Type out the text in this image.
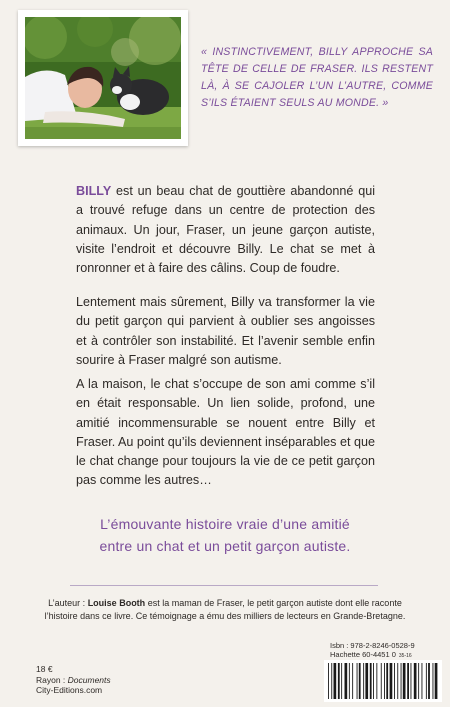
« INSTINCTIVEMENT, BILLY APPROCHE SA TÊTE DE CELLE DE FRASER. ILS RESTENT LÀ, À SE CAJOLER L’UN L’AUTRE, COMME S’ILS ÉTAIENT SEULS AU MONDE. »

BILLY est un beau chat de gouttière abandonné qui a trouvé refuge dans un centre de protection des animaux. Un jour, Fraser, un jeune garçon autiste, visite l’endroit et découvre Billy. Le chat se met à ronronner et à faire des câlins. Coup de foudre.

Lentement mais sûrement, Billy va transformer la vie du petit garçon qui parvient à oublier ses angoisses et à contrôler son instabilité. Et l’avenir semble enfin sourire à Fraser malgré son autisme.

A la maison, le chat s’occupe de son ami comme s’il en était responsable. Un lien solide, profond, une amitié incommensurable se nouent entre Billy et Fraser. Au point qu’ils deviennent inséparables et que le chat change pour toujours la vie de ce petit garçon pas comme les autres…

L’émouvante histoire vraie d’une amitié
entre un chat et un petit garçon autiste.
L’auteur : Louise Booth est la maman de Fraser, le petit garçon autiste dont elle raconte l’histoire dans ce livre. Ce témoignage a ému des milliers de lecteurs en Grande-Bretagne.
Isbn : 978-2-8246-0528-9
Hachette 60-4451 0 35-16
18 €
Rayon : Documents
City-Editions.com
